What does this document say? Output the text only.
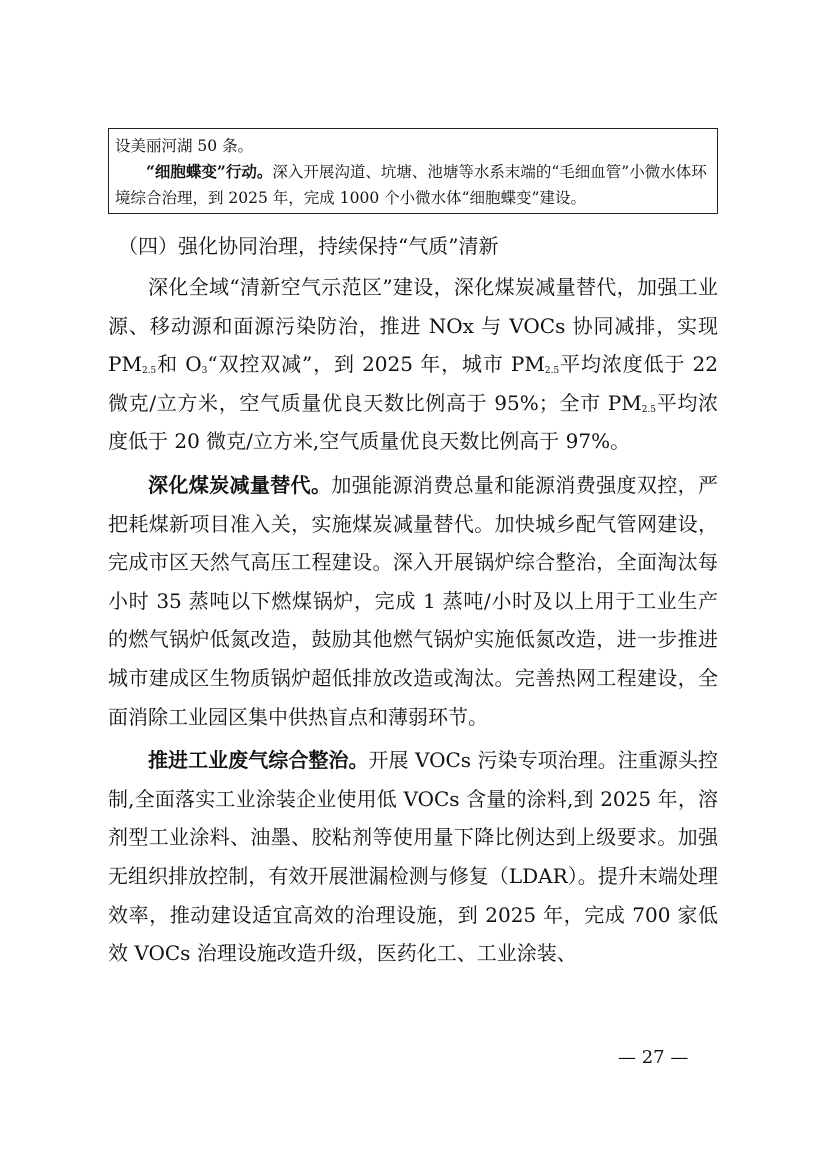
设美丽河湖 50 条。

“细胞蝶变”行动。深入开展沟道、坑塘、池塘等水系末端的“毛细血管”小微水体环境综合治理，到 2025 年，完成 1000 个小微水体“细胞蝶变”建设。

（四）强化协同治理，持续保持“气质”清新

深化全域“清新空气示范区”建设，深化煤炭减量替代，加强工业源、移动源和面源污染防治，推进 NOx 与 VOCs 协同减排，实现 $PM_{2.5}$和 $O_3“$双控双减”，到 2025 年，城市 $PM_{2.5}$平均浓度低于 22 微克/立方米，空气质量优良天数比例高于 95%；全市 $PM_{2.5}$平均浓度低于 20 微克/立方米,空气质量优良天数比例高于 97%。

深化煤炭减量替代。加强能源消费总量和能源消费强度双控，严把耗煤新项目准入关，实施煤炭减量替代。加快城乡配气管网建设，完成市区天然气高压工程建设。深入开展锅炉综合整治，全面淘汰每小时 35 蒸吨以下燃煤锅炉，完成 1 蒸吨/小时及以上用于工业生产的燃气锅炉低氮改造，鼓励其他燃气锅炉实施低氮改造，进一步推进城市建成区生物质锅炉超低排放改造或淘汰。完善热网工程建设，全面消除工业园区集中供热盲点和薄弱环节。

推进工业废气综合整治。开展 VOCs 污染专项治理。注重源头控制,全面落实工业涂装企业使用低 VOCs 含量的涂料,到 2025 年，溶剂型工业涂料、油墨、胶粘剂等使用量下降比例达到上级要求。加强无组织排放控制，有效开展泄漏检测与修复（LDAR）。提升末端处理效率，推动建设适宜高效的治理设施，到 2025 年，完成 700 家低效 VOCs 治理设施改造升级，医药化工、工业涂装、

— 27 —
